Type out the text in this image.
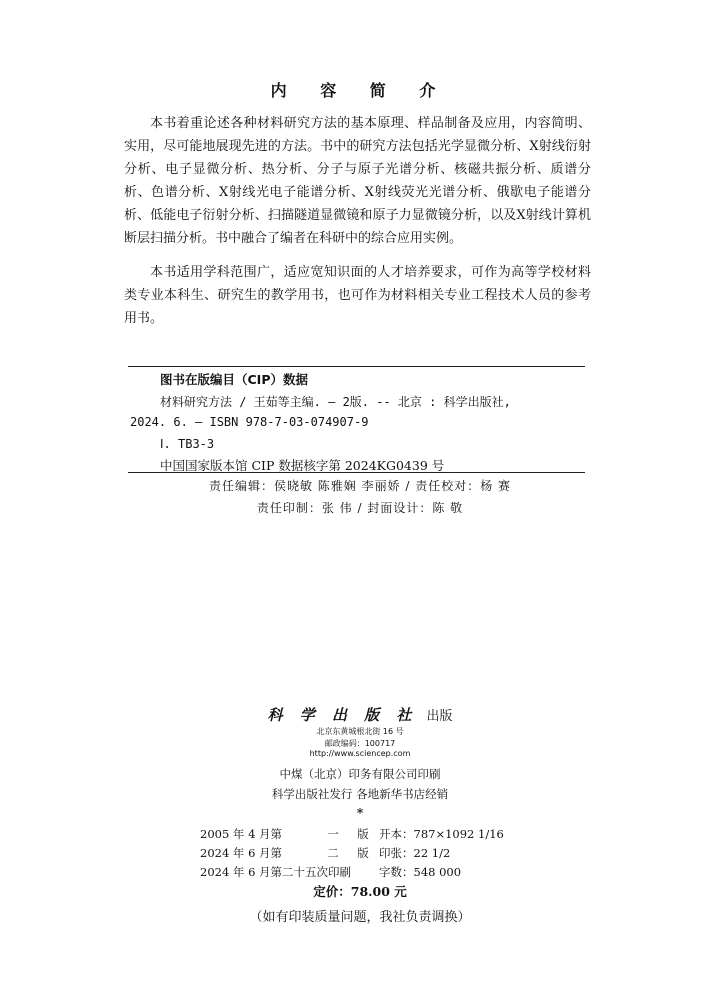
内 容 简 介
本书着重论述各种材料研究方法的基本原理、样品制备及应用，内容简明、实用，尽可能地展现先进的方法。书中的研究方法包括光学显微分析、X射线衍射分析、电子显微分析、热分析、分子与原子光谱分析、核磁共振分析、质谱分析、色谱分析、X射线光电子能谱分析、X射线荧光光谱分析、俄歇电子能谱分析、低能电子衍射分析、扫描隧道显微镜和原子力显微镜分析，以及X射线计算机断层扫描分析。书中融合了编者在科研中的综合应用实例。
本书适用学科范围广，适应宽知识面的人才培养要求，可作为高等学校材料类专业本科生、研究生的教学用书，也可作为材料相关专业工程技术人员的参考用书。
图书在版编目（CIP）数据
材料研究方法 / 王茹等主编. — 2版. -- 北京 : 科学出版社,
2024. 6. — ISBN 978-7-03-074907-9
Ⅰ. TB3-3
中国国家版本馆 CIP 数据核字第 2024KG0439 号
责任编辑：侯晓敏 陈雅娴 李丽娇 / 责任校对：杨 赛
责任印制：张 伟 / 封面设计：陈 敬
科 学 出 版 社 出版
北京东黄城根北街 16 号
邮政编码：100717
http://www.sciencep.com
中煤（北京）印务有限公司印刷
科学出版社发行 各地新华书店经销
*
2005 年 4 月第	一 版 开本：787×1092 1/16
2024 年 6 月第	二 版 印张：22 1/2
2024 年 6 月第二十五次印刷 字数：548 000
定价：78.00 元
（如有印装质量问题，我社负责调换）
